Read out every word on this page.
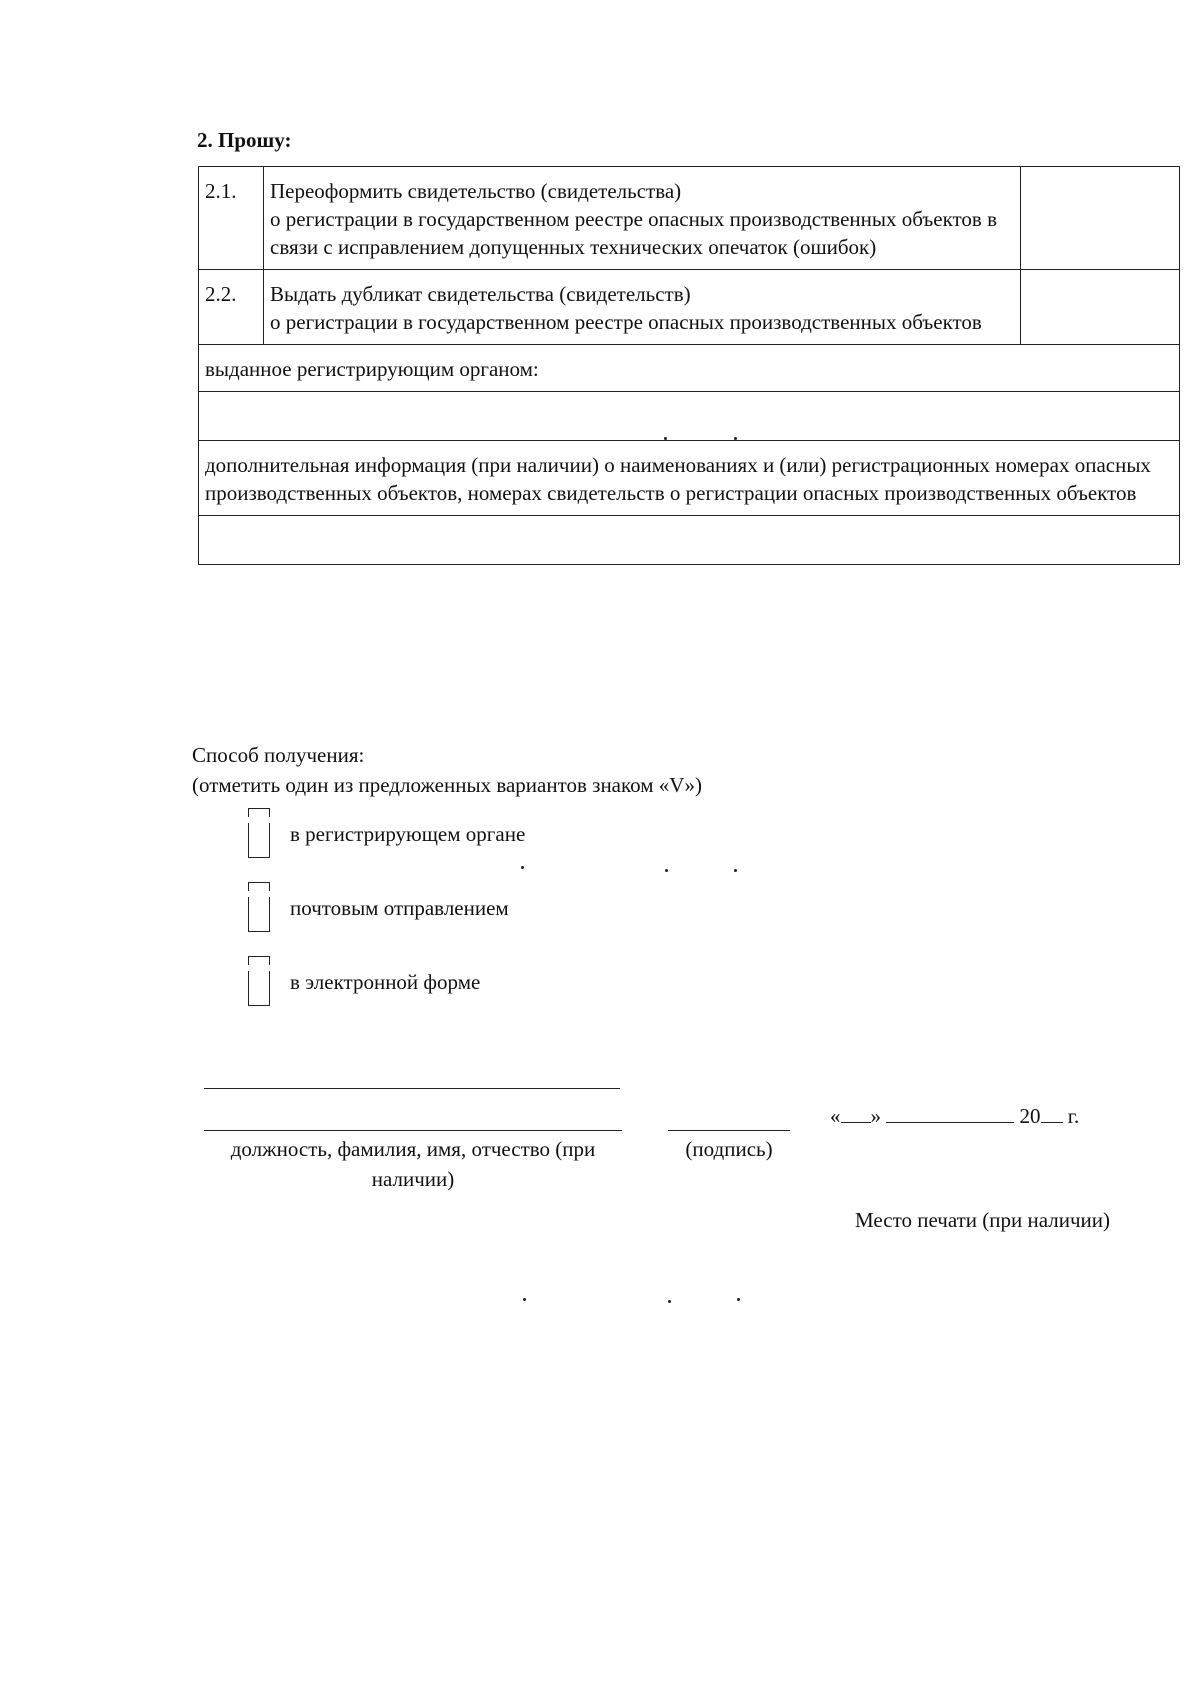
2. Прошу:
2.1.	Переоформить свидетельство (свидетельства)
о регистрации в государственном реестре опасных производственных объектов в связи с исправлением допущенных технических опечаток (ошибок)	
2.2.	Выдать дубликат свидетельства (свидетельств)
о регистрации в государственном реестре опасных производственных объектов	
выданное регистрирующим органом:		

дополнительная информация (при наличии) о наименованиях и (или) регистрационных номерах опасных производственных объектов, номерах свидетельств о регистрации опасных производственных объектов		

Способ получения:
(отметить один из предложенных вариантов знаком «V»)
в регистрирующем органе
почтовым отправлением
в электронной форме
должность, фамилия, имя, отчество (при наличии)
(подпись)
« »	20 г.
Место печати (при наличии)
